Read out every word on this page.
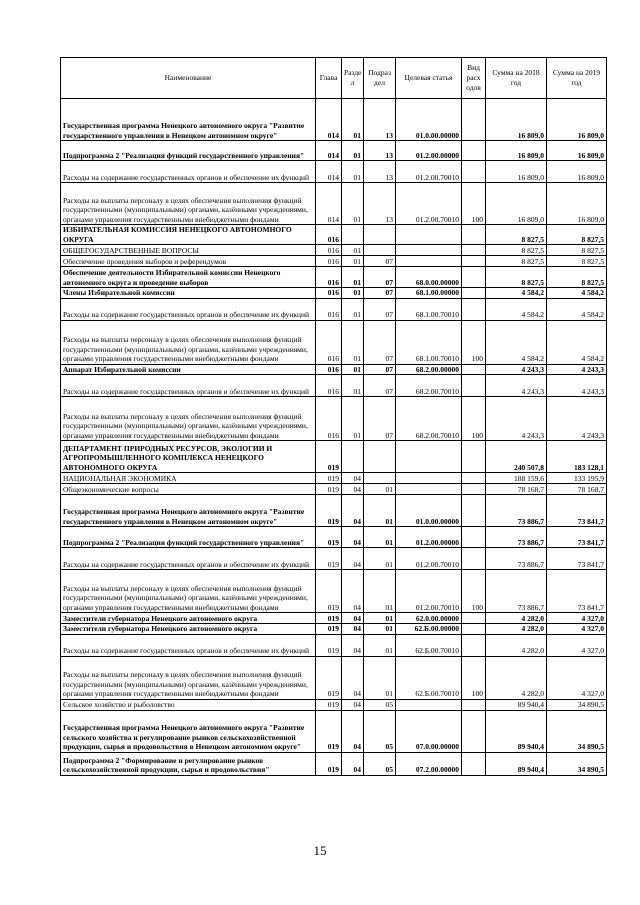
Наименование	Глава	Разде л	Подраз дел	Целевая статья	Вид расх одов	Сумма на 2018 год	Сумма на 2019 год
Государственная программа Ненецкого автономного округа "Развитие государственного управления в Ненецком автономном округе"	014	01	13	01.0.00.00000		16 809,0	16 809,0
Подпрограмма 2 "Реализация функций государственного управления"	014	01	13	01.2.00.00000		16 809,0	16 809,0
Расходы на содержание государственных органов и обеспечение их функций	014	01	13	01.2.00.70010		16 809,0	16 809,0
Расходы на выплаты персоналу в целях обеспечения выполнения функций государственными (муниципальными) органами, казёнными учреждениями, органами управления государственными внебюджетными фондами	014	01	13	01.2.00.70010	100	16 809,0	16 809,0
ИЗБИРАТЕЛЬНАЯ КОМИССИЯ НЕНЕЦКОГО АВТОНОМНОГО ОКРУГА	016					8 827,5	8 827,5
ОБЩЕГОСУДАРСТВЕННЫЕ ВОПРОСЫ	016	01				8 827,5	8 827,5
Обеспечение проведения выборов и референдумов	016	01	07			8 827,5	8 827,5
Обеспечение деятельности Избирательной комиссии Ненецкого автономного округа и проведение выборов	016	01	07	68.0.00.00000		8 827,5	8 827,5
Члены Избирательной комиссии	016	01	07	68.1.00.00000		4 584,2	4 584,2
Расходы на содержание государственных органов и обеспечение их функций	016	01	07	68.1.00.70010		4 584,2	4 584,2
Расходы на выплаты персоналу в целях обеспечения выполнения функций государственными (муниципальными) органами, казёнными учреждениями, органами управления государственными внебюджетными фондами	016	01	07	68.1.00.70010	100	4 584,2	4 584,2
Аппарат Избирательной комиссии	016	01	07	68.2.00.00000		4 243,3	4 243,3
Расходы на содержание государственных органов и обеспечение их функций	016	01	07	68.2.00.70010		4 243,3	4 243,3
Расходы на выплаты персоналу в целях обеспечения выполнения функций государственными (муниципальными) органами, казёнными учреждениями, органами управления государственными внебюджетными фондами	016	01	07	68.2.00.70010	100	4 243,3	4 243,3
ДЕПАРТАМЕНТ ПРИРОДНЫХ РЕСУРСОВ, ЭКОЛОГИИ И АГРОПРОМЫШЛЕННОГО КОМПЛЕКСА НЕНЕЦКОГО АВТОНОМНОГО ОКРУГА	019					240 507,8	183 128,1
НАЦИОНАЛЬНАЯ ЭКОНОМИКА	019	04				188 159,6	133 195,9
Общеэкономические вопросы	019	04	01			78 168,7	78 168,7
Государственная программа Ненецкого автономного округа "Развитие государственного управления в Ненецком автономном округе"	019	04	01	01.0.00.00000		73 886,7	73 841,7
Подпрограмма 2 "Реализация функций государственного управления"	019	04	01	01.2.00.00000		73 886,7	73 841,7
Расходы на содержание государственных органов и обеспечение их функций	019	04	01	01.2.00.70010		73 886,7	73 841,7
Расходы на выплаты персоналу в целях обеспечения выполнения функций государственными (муниципальными) органами, казёнными учреждениями, органами управления государственными внебюджетными фондами	019	04	01	01.2.00.70010	100	73 886,7	73 841,7
Заместители губернатора Ненецкого автономного округа	019	04	01	62.0.00.00000		4 282,0	4 327,0
Заместители губернатора Ненецкого автономного округа	019	04	01	62.Б.00.00000		4 282,0	4 327,0
Расходы на содержание государственных органов и обеспечение их функций	019	04	01	62.Б.00.70010		4 282,0	4 327,0
Расходы на выплаты персоналу в целях обеспечения выполнения функций государственными (муниципальными) органами, казёнными учреждениями, органами управления государственными внебюджетными фондами	019	04	01	62.Б.00.70010	100	4 282,0	4 327,0
Сельское хозяйство и рыболовство	019	04	05			89 940,4	34 890,5
Государственная программа Ненецкого автономного округа "Развитие сельского хозяйства и регулирование рынков сельскохозяйственной продукции, сырья и продовольствия в Ненецком автономном округе"	019	04	05	07.0.00.00000		89 940,4	34 890,5
Подпрограмма 2 "Формирование и регулирование рынков сельскохозяйственной продукции, сырья и продовольствия"	019	04	05	07.2.00.00000		89 940,4	34 890,5
15
